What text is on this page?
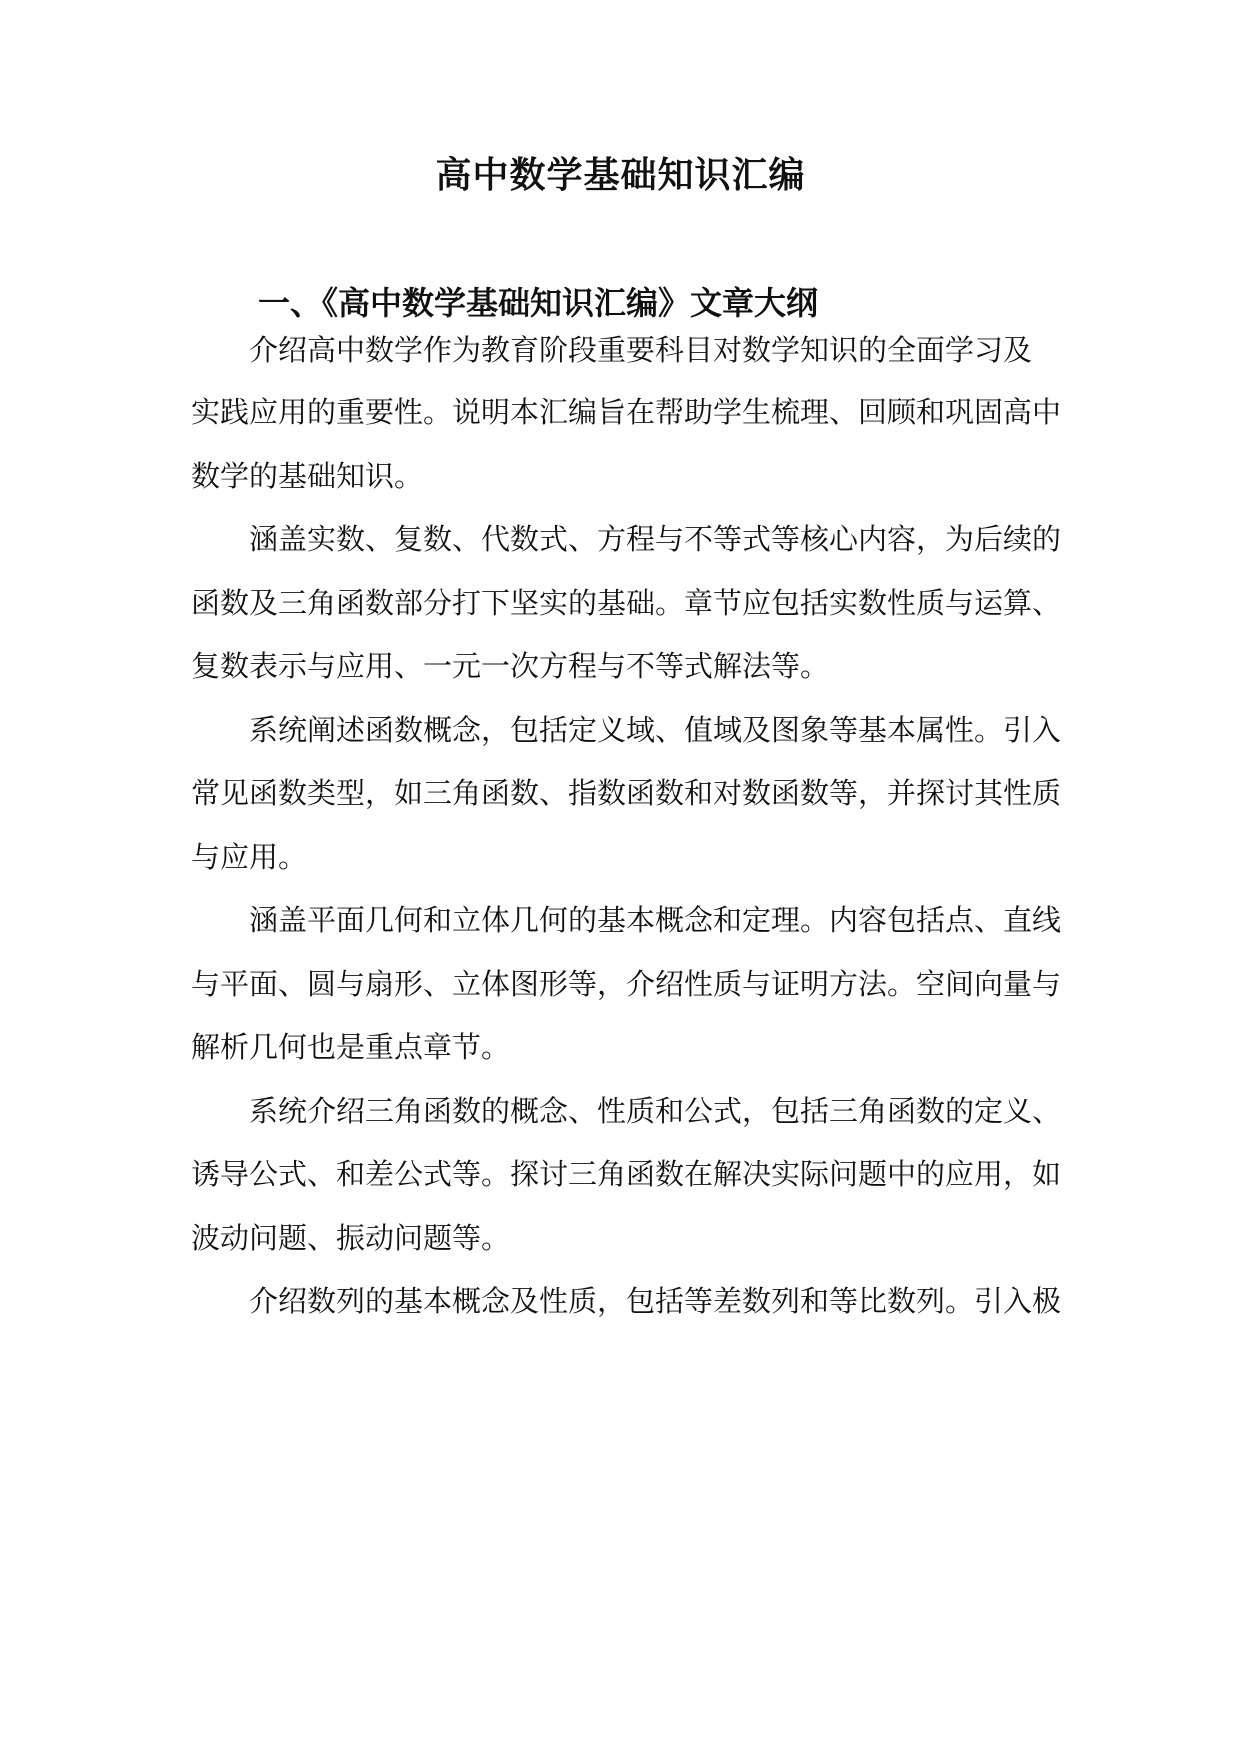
高中数学基础知识汇编
一、《高中数学基础知识汇编》文章大纲
介绍高中数学作为教育阶段重要科目对数学知识的全面学习及
实践应用的重要性。说明本汇编旨在帮助学生梳理、回顾和巩固高中
数学的基础知识。
涵盖实数、复数、代数式、方程与不等式等核心内容，为后续的
函数及三角函数部分打下坚实的基础。章节应包括实数性质与运算、
复数表示与应用、一元一次方程与不等式解法等。
系统阐述函数概念，包括定义域、值域及图象等基本属性。引入
常见函数类型，如三角函数、指数函数和对数函数等，并探讨其性质
与应用。
涵盖平面几何和立体几何的基本概念和定理。内容包括点、直线
与平面、圆与扇形、立体图形等，介绍性质与证明方法。空间向量与
解析几何也是重点章节。
系统介绍三角函数的概念、性质和公式，包括三角函数的定义、
诱导公式、和差公式等。探讨三角函数在解决实际问题中的应用，如
波动问题、振动问题等。
介绍数列的基本概念及性质，包括等差数列和等比数列。引入极
